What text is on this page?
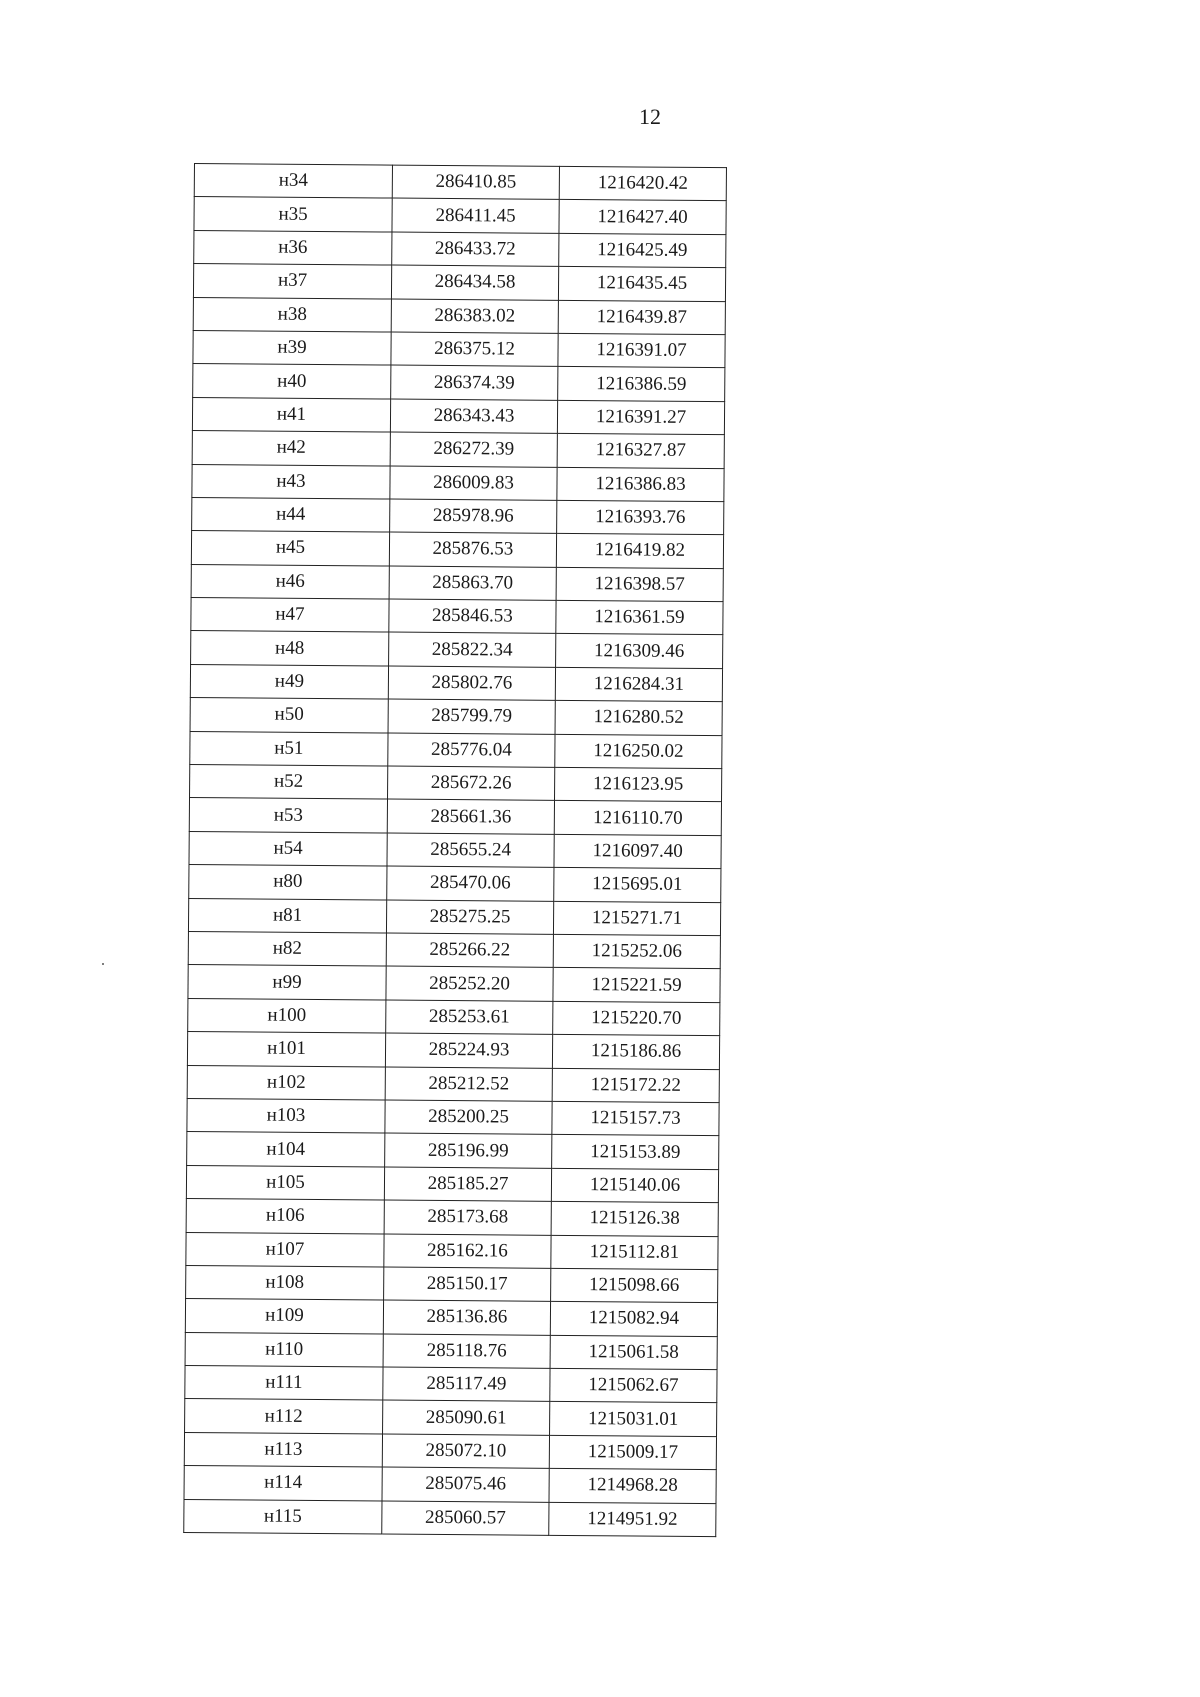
12
н34	286410.85	1216420.42
н35	286411.45	1216427.40
н36	286433.72	1216425.49
н37	286434.58	1216435.45
н38	286383.02	1216439.87
н39	286375.12	1216391.07
н40	286374.39	1216386.59
н41	286343.43	1216391.27
н42	286272.39	1216327.87
н43	286009.83	1216386.83
н44	285978.96	1216393.76
н45	285876.53	1216419.82
н46	285863.70	1216398.57
н47	285846.53	1216361.59
н48	285822.34	1216309.46
н49	285802.76	1216284.31
н50	285799.79	1216280.52
н51	285776.04	1216250.02
н52	285672.26	1216123.95
н53	285661.36	1216110.70
н54	285655.24	1216097.40
н80	285470.06	1215695.01
н81	285275.25	1215271.71
н82	285266.22	1215252.06
н99	285252.20	1215221.59
н100	285253.61	1215220.70
н101	285224.93	1215186.86
н102	285212.52	1215172.22
н103	285200.25	1215157.73
н104	285196.99	1215153.89
н105	285185.27	1215140.06
н106	285173.68	1215126.38
н107	285162.16	1215112.81
н108	285150.17	1215098.66
н109	285136.86	1215082.94
н110	285118.76	1215061.58
н111	285117.49	1215062.67
н112	285090.61	1215031.01
н113	285072.10	1215009.17
н114	285075.46	1214968.28
н115	285060.57	1214951.92
